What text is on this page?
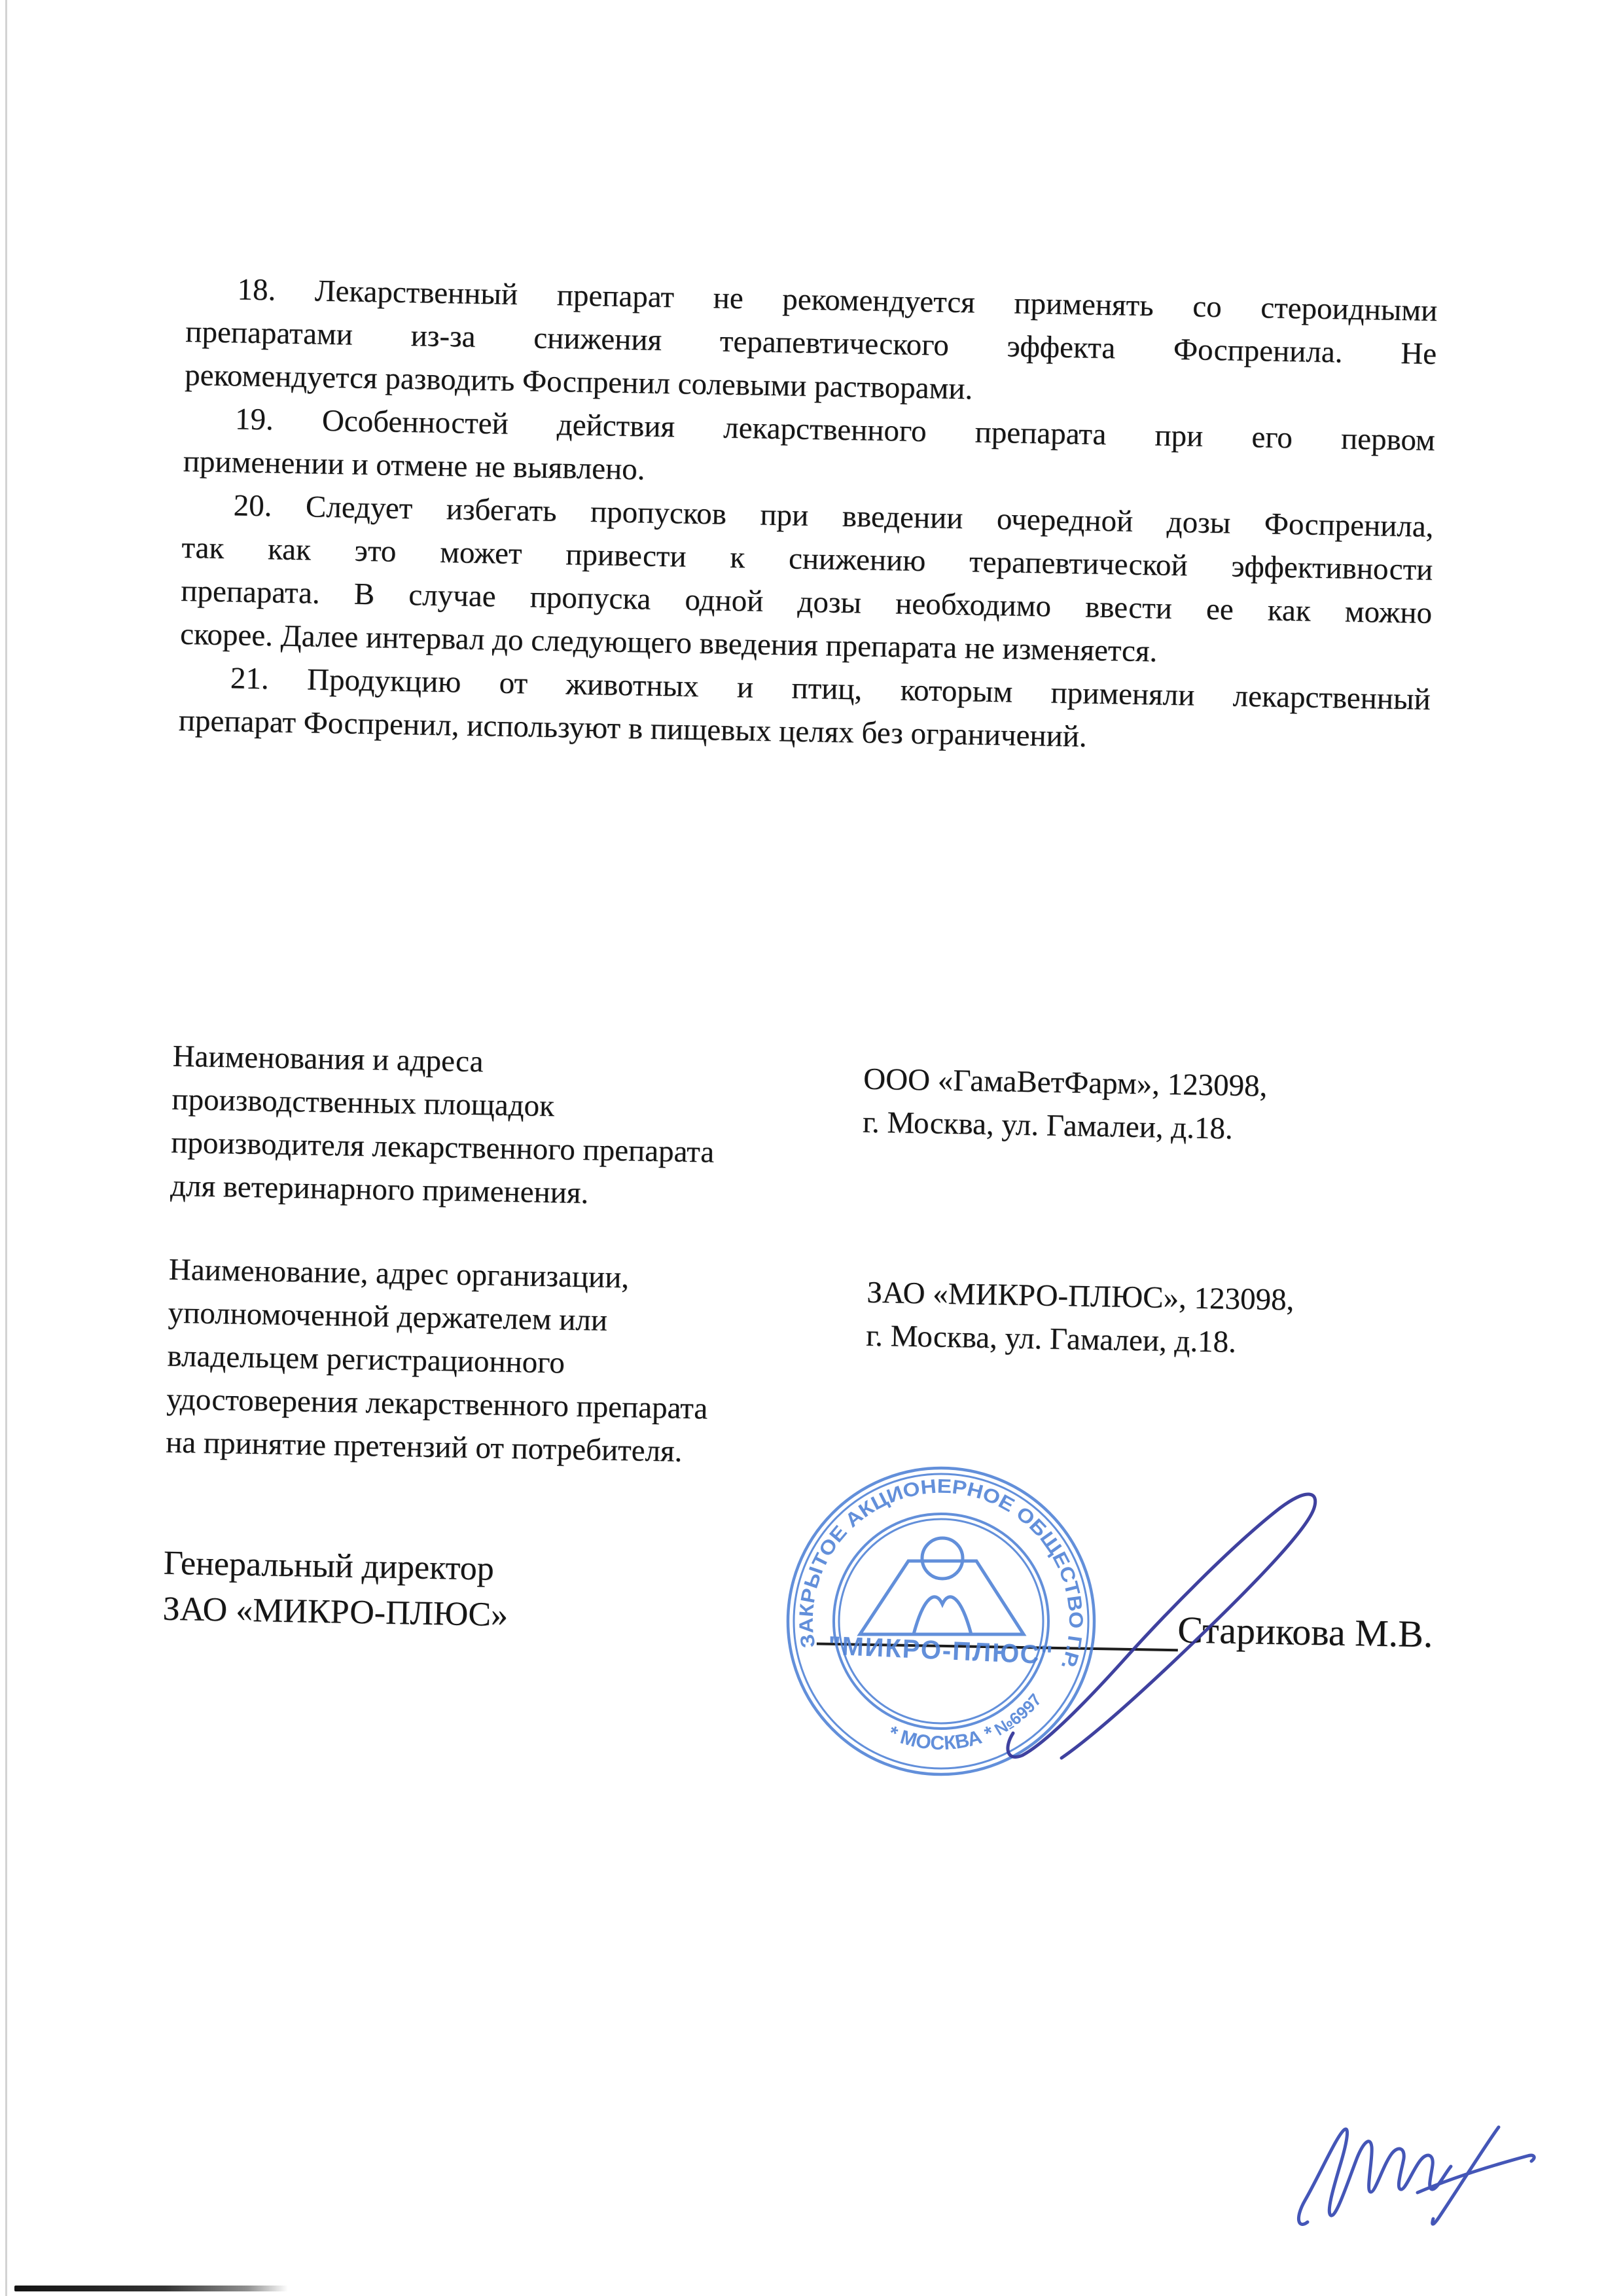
18. Лекарственный препарат не рекомендуется применять со стероидными
препаратами из-за снижения терапевтического эффекта Фоспренила. Не
рекомендуется разводить Фоспренил солевыми растворами.
19. Особенностей действия лекарственного препарата при его первом
применении и отмене не выявлено.
20. Следует избегать пропусков при введении очередной дозы Фоспренила,
так как это может привести к снижению терапевтической эффективности
препарата. В случае пропуска одной дозы необходимо ввести ее как можно
скорее. Далее интервал до следующего введения препарата не изменяется.
21. Продукцию от животных и птиц, которым применяли лекарственный
препарат Фоспренил, используют в пищевых целях без ограничений.
Наименования и адреса
производственных площадок
производителя лекарственного препарата
для ветеринарного применения.
ООО «ГамаВетФарм», 123098,
г. Москва, ул. Гамалеи, д.18.
Наименование, адрес организации,
уполномоченной держателем или
владельцем регистрационного
удостоверения лекарственного препарата
на принятие претензий от потребителя.
ЗАО «МИКРО-ПЛЮС», 123098,
г. Москва, ул. Гамалеи, д.18.
Генеральный директор
ЗАО «МИКРО-ПЛЮС»	Старикова М.В.
ЗАКРЫТОЕ АКЦИОНЕРНОЕ ОБЩЕСТВО Г.Р.
* МОСКВА *
№6997
"МИКРО-ПЛЮС"
